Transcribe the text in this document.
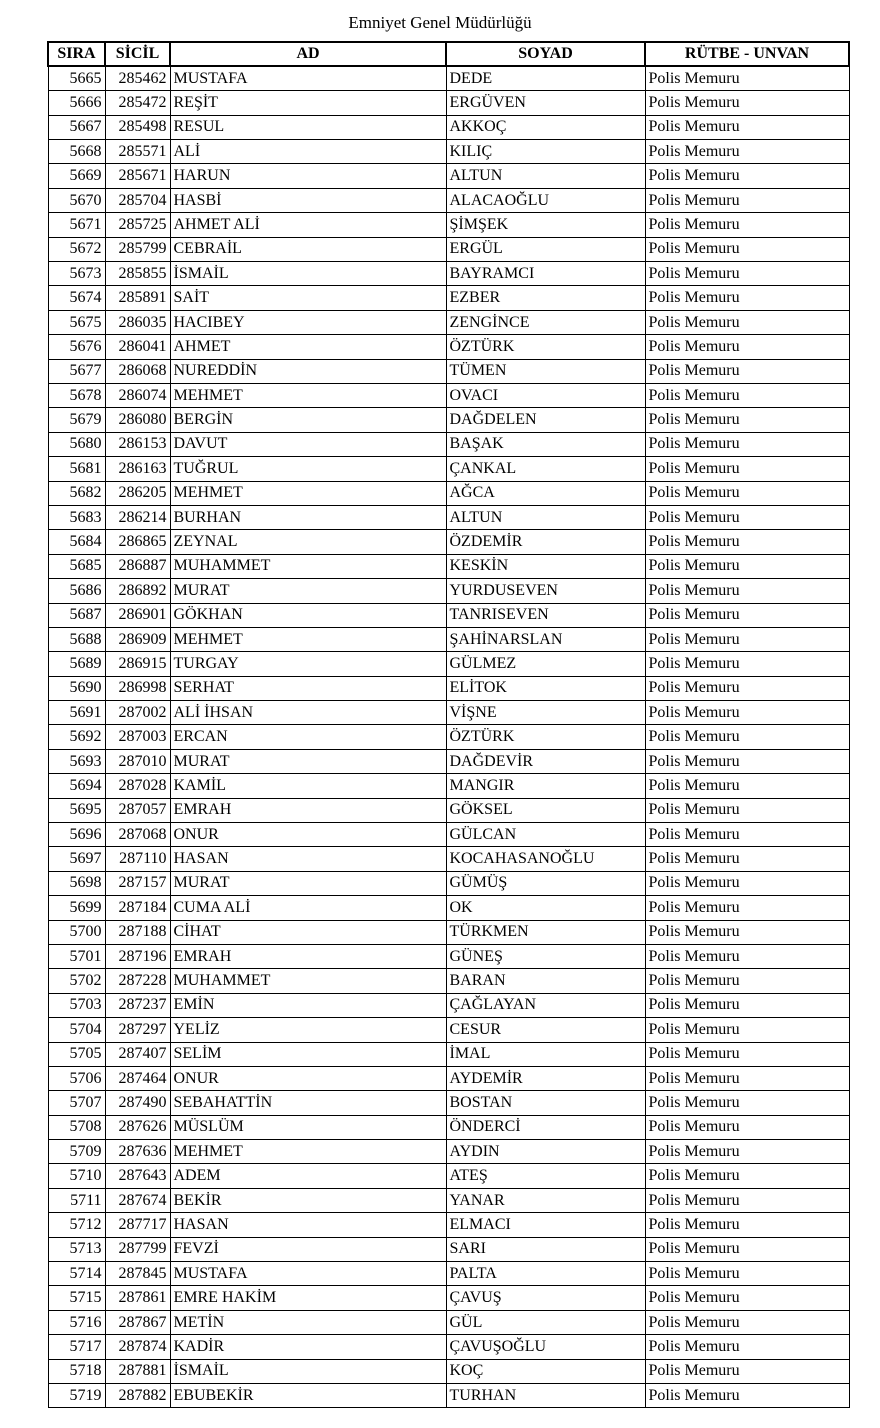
Emniyet Genel Müdürlüğü
SIRA	SİCİL	AD	SOYAD	RÜTBE - UNVAN
5665	285462	MUSTAFA	DEDE	Polis Memuru
5666	285472	REŞİT	ERGÜVEN	Polis Memuru
5667	285498	RESUL	AKKOÇ	Polis Memuru
5668	285571	ALİ	KILIÇ	Polis Memuru
5669	285671	HARUN	ALTUN	Polis Memuru
5670	285704	HASBİ	ALACAOĞLU	Polis Memuru
5671	285725	AHMET ALİ	ŞİMŞEK	Polis Memuru
5672	285799	CEBRAİL	ERGÜL	Polis Memuru
5673	285855	İSMAİL	BAYRAMCI	Polis Memuru
5674	285891	SAİT	EZBER	Polis Memuru
5675	286035	HACIBEY	ZENGİNCE	Polis Memuru
5676	286041	AHMET	ÖZTÜRK	Polis Memuru
5677	286068	NUREDDİN	TÜMEN	Polis Memuru
5678	286074	MEHMET	OVACI	Polis Memuru
5679	286080	BERGİN	DAĞDELEN	Polis Memuru
5680	286153	DAVUT	BAŞAK	Polis Memuru
5681	286163	TUĞRUL	ÇANKAL	Polis Memuru
5682	286205	MEHMET	AĞCA	Polis Memuru
5683	286214	BURHAN	ALTUN	Polis Memuru
5684	286865	ZEYNAL	ÖZDEMİR	Polis Memuru
5685	286887	MUHAMMET	KESKİN	Polis Memuru
5686	286892	MURAT	YURDUSEVEN	Polis Memuru
5687	286901	GÖKHAN	TANRISEVEN	Polis Memuru
5688	286909	MEHMET	ŞAHİNARSLAN	Polis Memuru
5689	286915	TURGAY	GÜLMEZ	Polis Memuru
5690	286998	SERHAT	ELİTOK	Polis Memuru
5691	287002	ALİ İHSAN	VİŞNE	Polis Memuru
5692	287003	ERCAN	ÖZTÜRK	Polis Memuru
5693	287010	MURAT	DAĞDEVİR	Polis Memuru
5694	287028	KAMİL	MANGIR	Polis Memuru
5695	287057	EMRAH	GÖKSEL	Polis Memuru
5696	287068	ONUR	GÜLCAN	Polis Memuru
5697	287110	HASAN	KOCAHASANOĞLU	Polis Memuru
5698	287157	MURAT	GÜMÜŞ	Polis Memuru
5699	287184	CUMA ALİ	OK	Polis Memuru
5700	287188	CİHAT	TÜRKMEN	Polis Memuru
5701	287196	EMRAH	GÜNEŞ	Polis Memuru
5702	287228	MUHAMMET	BARAN	Polis Memuru
5703	287237	EMİN	ÇAĞLAYAN	Polis Memuru
5704	287297	YELİZ	CESUR	Polis Memuru
5705	287407	SELİM	İMAL	Polis Memuru
5706	287464	ONUR	AYDEMİR	Polis Memuru
5707	287490	SEBAHATTİN	BOSTAN	Polis Memuru
5708	287626	MÜSLÜM	ÖNDERCİ	Polis Memuru
5709	287636	MEHMET	AYDIN	Polis Memuru
5710	287643	ADEM	ATEŞ	Polis Memuru
5711	287674	BEKİR	YANAR	Polis Memuru
5712	287717	HASAN	ELMACI	Polis Memuru
5713	287799	FEVZİ	SARI	Polis Memuru
5714	287845	MUSTAFA	PALTA	Polis Memuru
5715	287861	EMRE HAKİM	ÇAVUŞ	Polis Memuru
5716	287867	METİN	GÜL	Polis Memuru
5717	287874	KADİR	ÇAVUŞOĞLU	Polis Memuru
5718	287881	İSMAİL	KOÇ	Polis Memuru
5719	287882	EBUBEKİR	TURHAN	Polis Memuru
